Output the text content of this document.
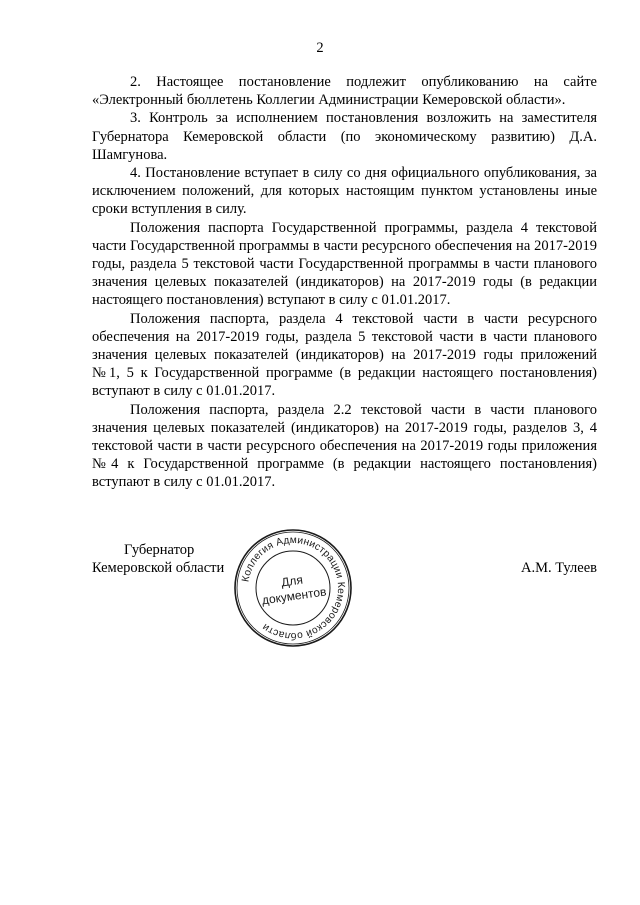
2

2. Настоящее постановление подлежит опубликованию на сайте «Электронный бюллетень Коллегии Администрации Кемеровской области».

3. Контроль за исполнением постановления возложить на заместителя Губернатора Кемеровской области (по экономическому развитию) Д.А. Шамгунова.

4. Постановление вступает в силу со дня официального опубликования, за исключением положений, для которых настоящим пунктом установлены иные сроки вступления в силу.

Положения паспорта Государственной программы, раздела 4 текстовой части Государственной программы в части ресурсного обеспечения на 2017-2019 годы, раздела 5 текстовой части Государственной программы в части планового значения целевых показателей (индикаторов) на 2017-2019 годы (в редакции настоящего постановления) вступают в силу с 01.01.2017.

Положения паспорта, раздела 4 текстовой части в части ресурсного обеспечения на 2017-2019 годы, раздела 5 текстовой части в части планового значения целевых показателей (индикаторов) на 2017-2019 годы приложений №1, 5 к Государственной программе (в редакции настоящего постановления) вступают в силу с 01.01.2017.

Положения паспорта, раздела 2.2 текстовой части в части планового значения целевых показателей (индикаторов) на 2017-2019 годы, разделов 3, 4 текстовой части в части ресурсного обеспечения на 2017-2019 годы приложения №4 к Государственной программе (в редакции настоящего постановления) вступают в силу с 01.01.2017.

Губернатор
Кемеровской области	А.М. Тулеев
Коллегия Администрации Кемеровской области
Для
документов
